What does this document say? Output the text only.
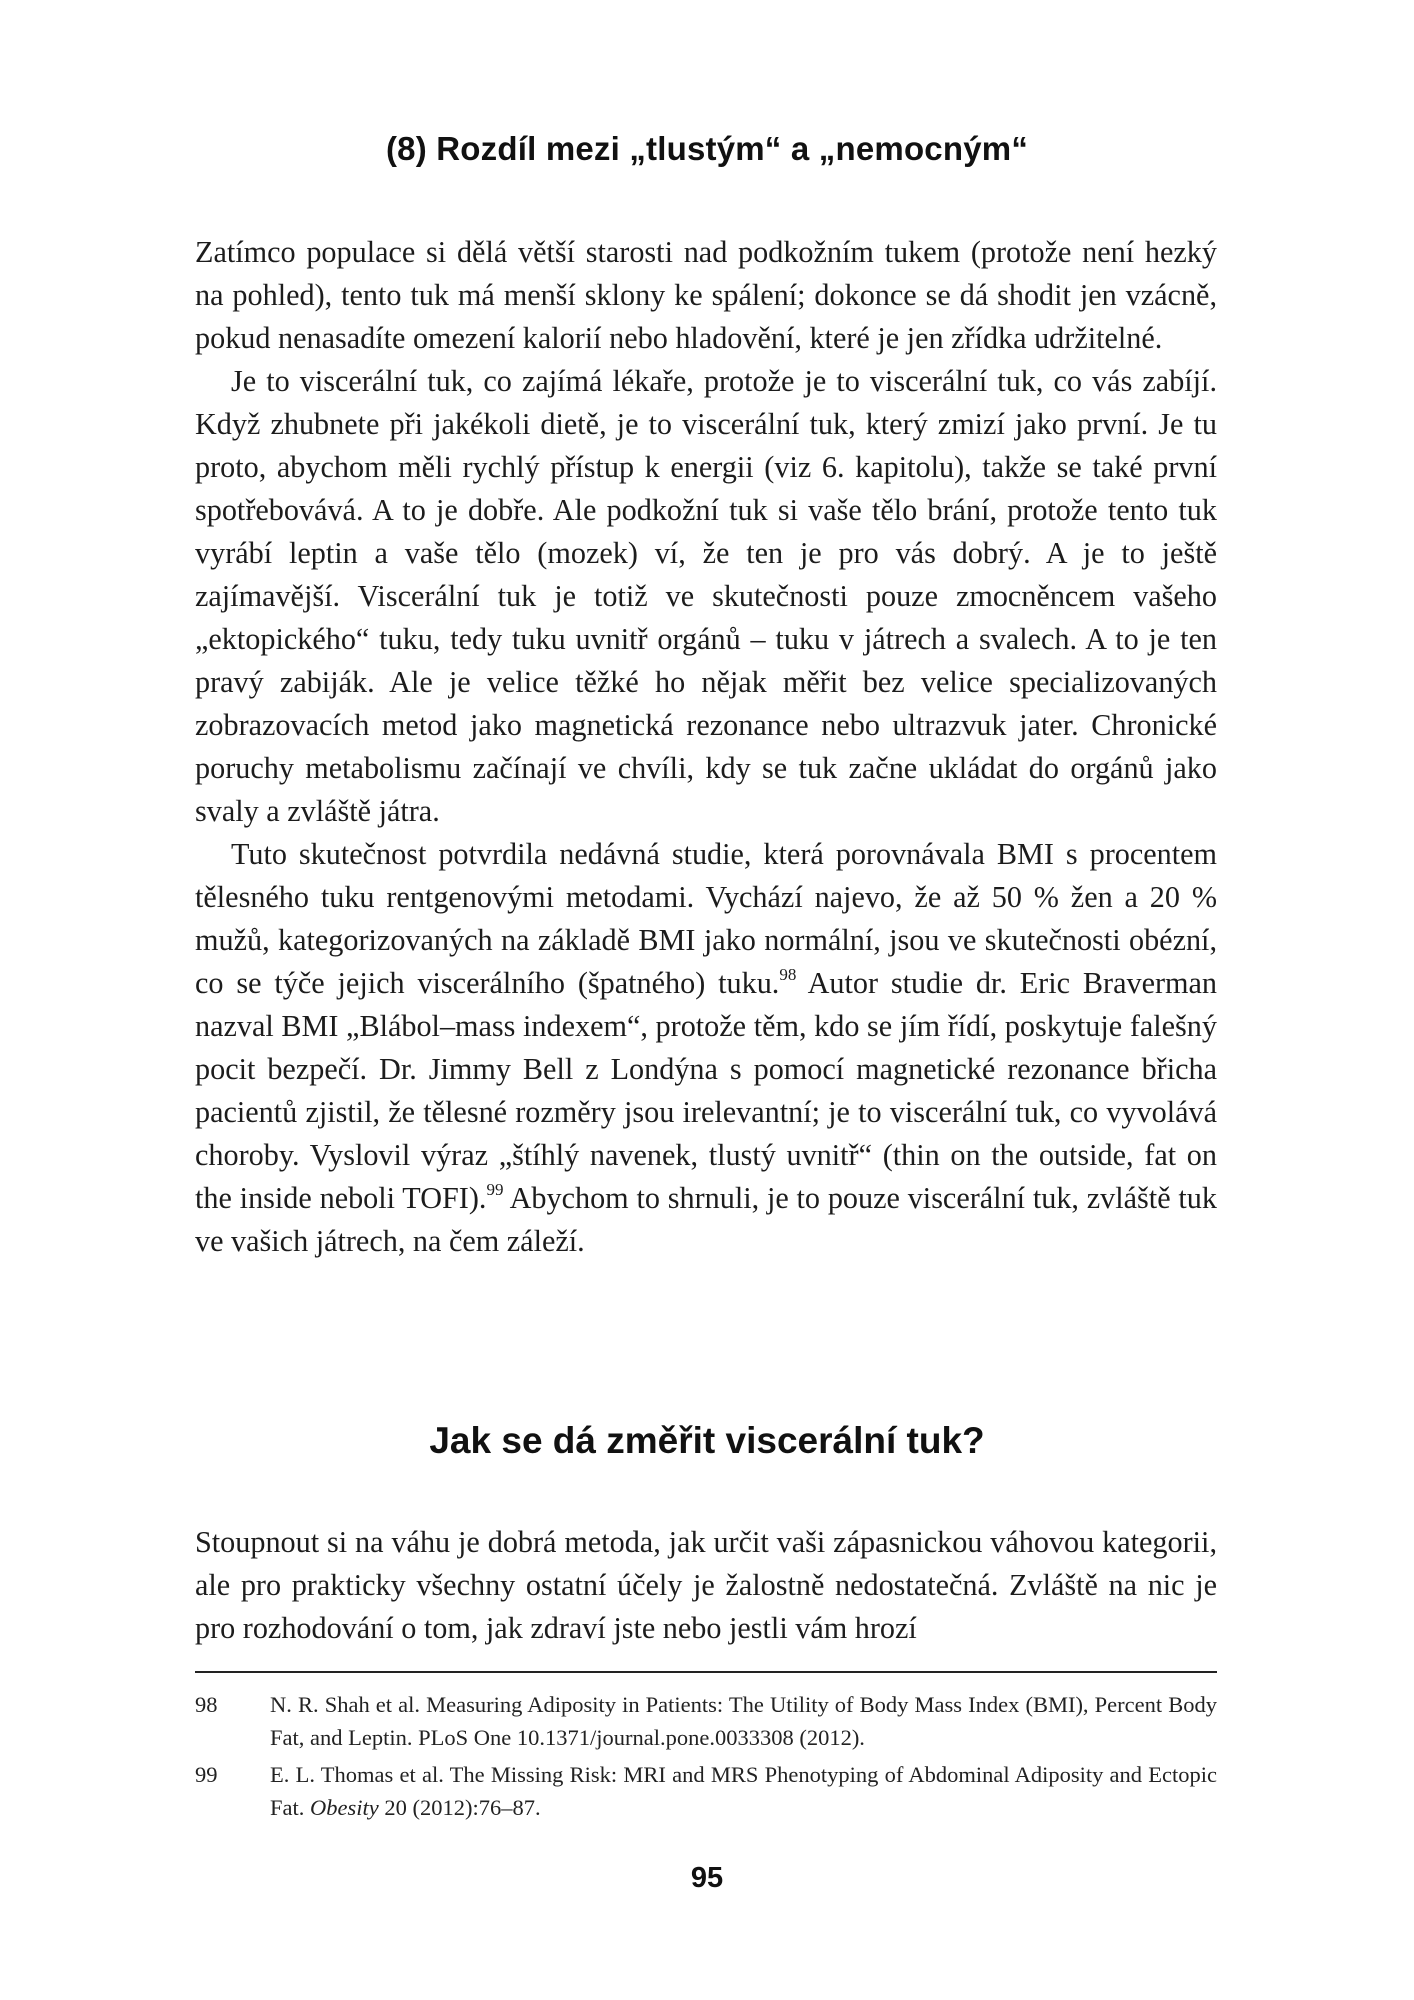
(8) Rozdíl mezi „tlustým“ a „nemocným“

Zatímco populace si dělá větší starosti nad podkožním tukem (protože není hezký na pohled), tento tuk má menší sklony ke spálení; dokonce se dá shodit jen vzácně, pokud nenasadíte omezení kalorií nebo hladovění, které je jen zřídka udržitelné.

Je to viscerální tuk, co zajímá lékaře, protože je to viscerální tuk, co vás zabíjí. Když zhubnete při jakékoli dietě, je to viscerální tuk, který zmizí jako první. Je tu proto, abychom měli rychlý přístup k energii (viz 6. kapitolu), takže se také první spotřebovává. A to je dobře. Ale podkožní tuk si vaše tělo brání, protože tento tuk vyrábí leptin a vaše tělo (mozek) ví, že ten je pro vás dobrý. A je to ještě zajímavější. Viscerální tuk je totiž ve skutečnosti pouze zmocněncem vašeho „ektopického“ tuku, tedy tuku uvnitř orgánů – tuku v játrech a svalech. A to je ten pravý zabiják. Ale je velice těžké ho nějak měřit bez velice specializovaných zobrazovacích metod jako magnetická rezonance nebo ultrazvuk jater. Chronické poruchy metabolismu začínají ve chvíli, kdy se tuk začne ukládat do orgánů jako svaly a zvláště játra.

Tuto skutečnost potvrdila nedávná studie, která porovnávala BMI s procentem tělesného tuku rentgenovými metodami. Vychází najevo, že až 50 % žen a 20 % mužů, kategorizovaných na základě BMI jako normální, jsou ve skutečnosti obézní, co se týče jejich viscerálního (špatného) tuku.$^{98}$ Autor studie dr. Eric Braverman nazval BMI „Blábol–mass indexem“, protože těm, kdo se jím řídí, poskytuje falešný pocit bezpečí. Dr. Jimmy Bell z Londýna s pomocí magnetické rezonance břicha pacientů zjistil, že tělesné rozměry jsou irelevantní; je to viscerální tuk, co vyvolává choroby. Vyslovil výraz „štíhlý navenek, tlustý uvnitř“ (thin on the outside, fat on the inside neboli TOFI).$^{99}$ Abychom to shrnuli, je to pouze viscerální tuk, zvláště tuk ve vašich játrech, na čem záleží.

Jak se dá změřit viscerální tuk?

Stoupnout si na váhu je dobrá metoda, jak určit vaši zápasnickou váhovou kategorii, ale pro prakticky všechny ostatní účely je žalostně nedostatečná. Zvláště na nic je pro rozhodování o tom, jak zdraví jste nebo jestli vám hrozí

98	N. R. Shah et al. Measuring Adiposity in Patients: The Utility of Body Mass Index (BMI), Percent Body Fat, and Leptin. PLoS One 10.1371/journal.pone.0033308 (2012).
99	E. L. Thomas et al. The Missing Risk: MRI and MRS Phenotyping of Abdominal Adiposity and Ectopic Fat. Obesity 20 (2012):76–87.
95
